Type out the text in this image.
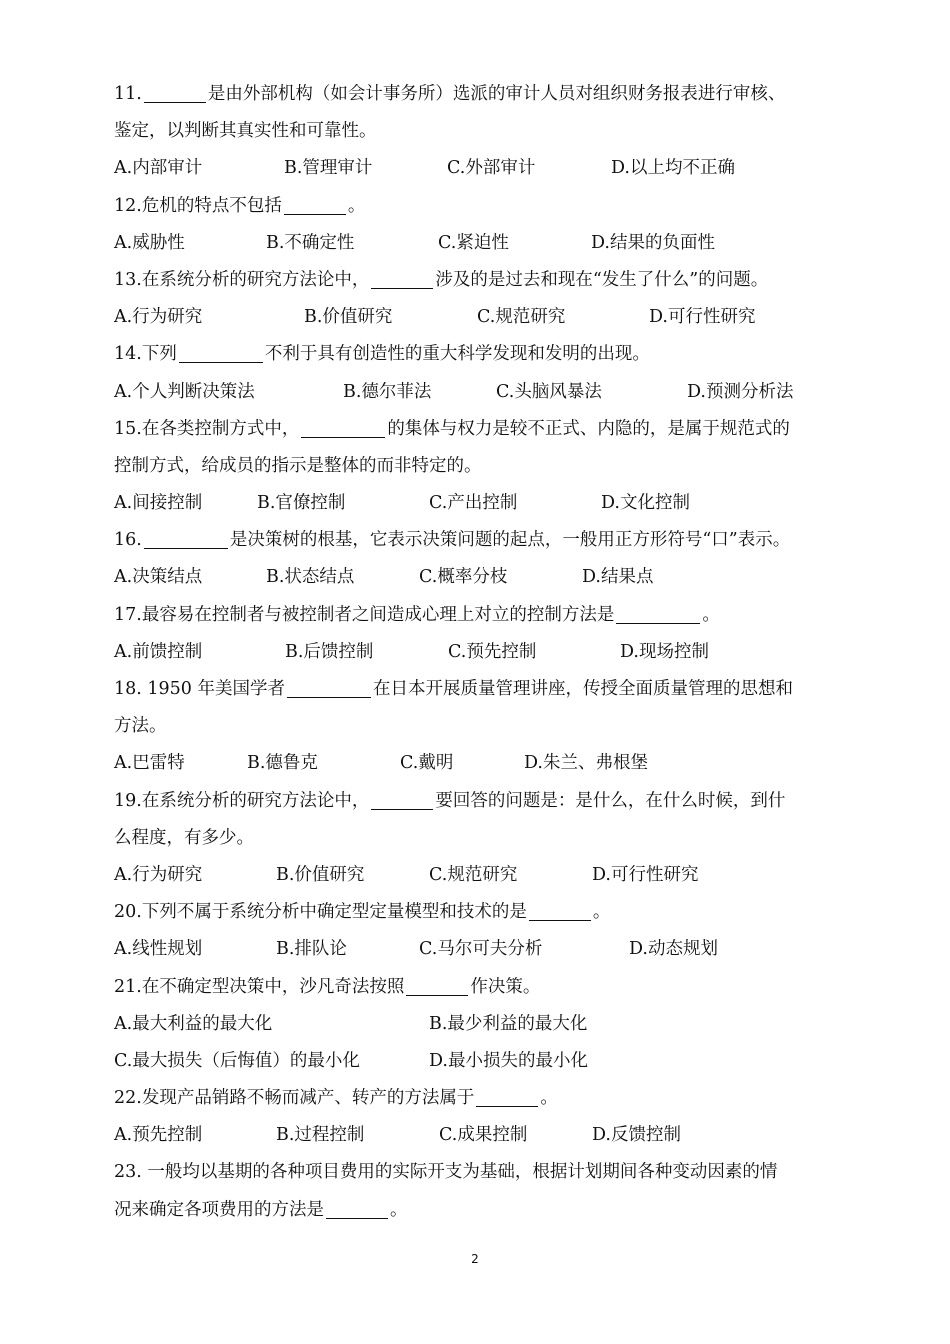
11.	是由外部机构（如会计事务所）选派的审计人员对组织财务报表进行审核、
鉴定，以判断其真实性和可靠性。
A.内部审计	B.管理审计	C.外部审计	D.以上均不正确
12.危机的特点不包括	。
A.威胁性	B.不确定性	C.紧迫性	D.结果的负面性
13.在系统分析的研究方法论中，	涉及的是过去和现在“发生了什么”的问题。
A.行为研究	B.价值研究	C.规范研究	D.可行性研究
14.下列	不利于具有创造性的重大科学发现和发明的出现。
A.个人判断决策法	B.德尔菲法	C.头脑风暴法	D.预测分析法
15.在各类控制方式中，	的集体与权力是较不正式、内隐的，是属于规范式的
控制方式，给成员的指示是整体的而非特定的。
A.间接控制	B.官僚控制	C.产出控制	D.文化控制
16.	是决策树的根基，它表示决策问题的起点，一般用正方形符号“口”表示。
A.决策结点	B.状态结点	C.概率分枝	D.结果点
17.最容易在控制者与被控制者之间造成心理上对立的控制方法是	。
A.前馈控制	B.后馈控制	C.预先控制	D.现场控制
18. 1950 年美国学者	在日本开展质量管理讲座，传授全面质量管理的思想和
方法。
A.巴雷特	B.德鲁克	C.戴明	D.朱兰、弗根堡
19.在系统分析的研究方法论中，	要回答的问题是：是什么，在什么时候，到什
么程度，有多少。
A.行为研究	B.价值研究	C.规范研究	D.可行性研究
20.下列不属于系统分析中确定型定量模型和技术的是	。
A.线性规划	B.排队论	C.马尔可夫分析	D.动态规划
21.在不确定型决策中，沙凡奇法按照	作决策。
A.最大利益的最大化	B.最少利益的最大化
C.最大损失（后悔值）的最小化	D.最小损失的最小化
22.发现产品销路不畅而减产、转产的方法属于	。
A.预先控制	B.过程控制	C.成果控制	D.反馈控制
23. 一般均以基期的各种项目费用的实际开支为基础，根据计划期间各种变动因素的情
况来确定各项费用的方法是	。
2
